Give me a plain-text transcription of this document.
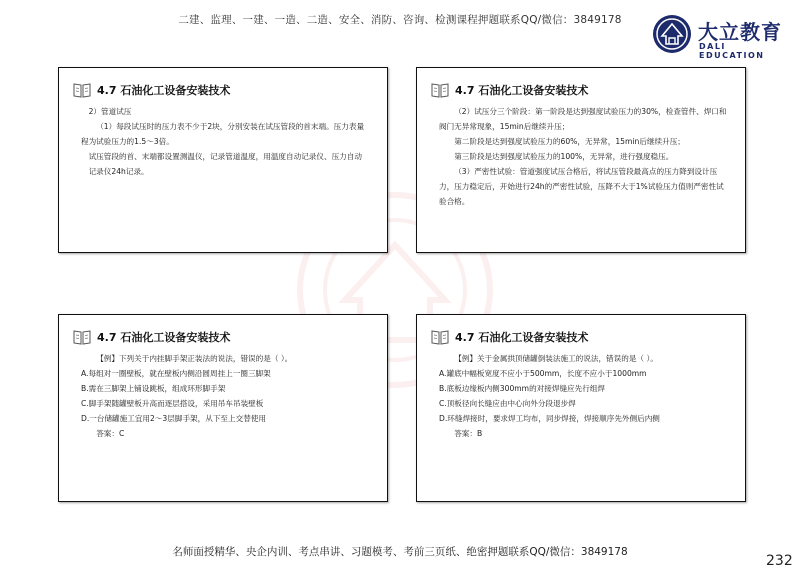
二建、监理、一建、一造、二造、安全、消防、咨询、检测课程押题联系QQ/微信：3849178	大立教育
DALI EDUCATION
4.7 石油化工设备安装技术

2）管道试压

（1）每段试压时的压力表不少于2块，分别安装在试压管段的首末端。压力表量程为试验压力的1.5～3倍。

试压管段的首、末端都设置测温仪，记录管道温度，用温度自动记录仪、压力自动记录仪24h记录。

4.7 石油化工设备安装技术

（2）试压分三个阶段：第一阶段是达到强度试验压力的30%，检查管件、焊口和阀门无异常现象，15min后继续升压；

第二阶段是达到强度试验压力的60%，无异常，15min后继续升压；

第三阶段是达到强度试验压力的100%，无异常，进行强度稳压。

（3）严密性试验：管道强度试压合格后，将试压管段最高点的压力降到设计压力，压力稳定后，开始进行24h的严密性试验，压降不大于1%试验压力值则严密性试验合格。

4.7 石油化工设备安装技术

【例】下列关于内挂脚手架正装法的说法，错误的是（ ）。

A.每组对一圈壁板，就在壁板内侧沿圆周挂上一圈三脚架

B.需在三脚架上铺设跳板，组成环形脚手架

C.脚手架随罐壁板升高而逐层搭设，采用吊车吊装壁板

D.一台储罐施工宜用2～3层脚手架，从下至上交替使用

答案：C

4.7 石油化工设备安装技术

【例】关于金属拱顶储罐倒装法施工的说法，错误的是（ ）。

A.罐底中幅板宽度不应小于500mm，长度不应小于1000mm

B.底板边缘板内侧300mm的对接焊缝应先行组焊

C.顶板径向长缝应由中心向外分段退步焊

D.环缝焊接时，要求焊工均布，同步焊接，焊接顺序先外侧后内侧

答案：B

名师面授精华、央企内训、考点串讲、习题模考、考前三页纸、绝密押题联系QQ/微信：3849178
232
